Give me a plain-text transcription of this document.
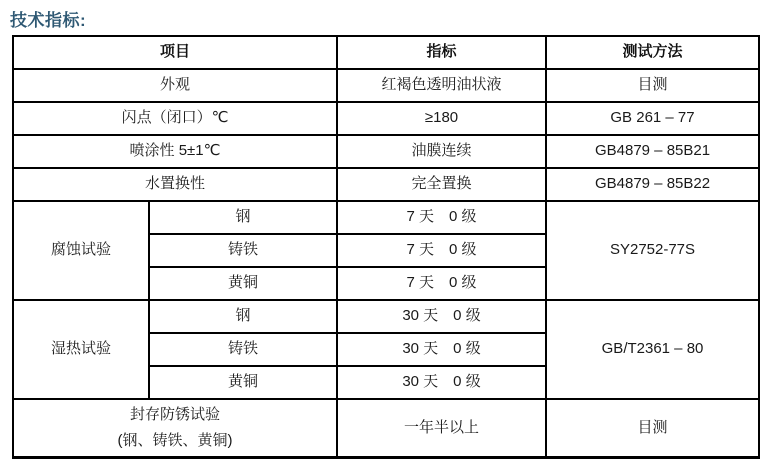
技术指标:
项目		指标	测试方法
外观		红褐色透明油状液	目测
闪点（闭口）℃		≥180	GB 261 – 77
喷涂性 5±1℃		油膜连续	GB4879 – 85B21
水置换性		完全置换	GB4879 – 85B22
腐蚀试验	钢	7 天　0 级	SY2752-77S
	铸铁	7 天　0 级	
	黄铜	7 天　0 级	
湿热试验	钢	30 天　0 级	GB/T2361 – 80
	铸铁	30 天　0 级	
	黄铜	30 天　0 级	

封存防锈试验
(钢、铸铁、黄铜)		一年半以上	目测
